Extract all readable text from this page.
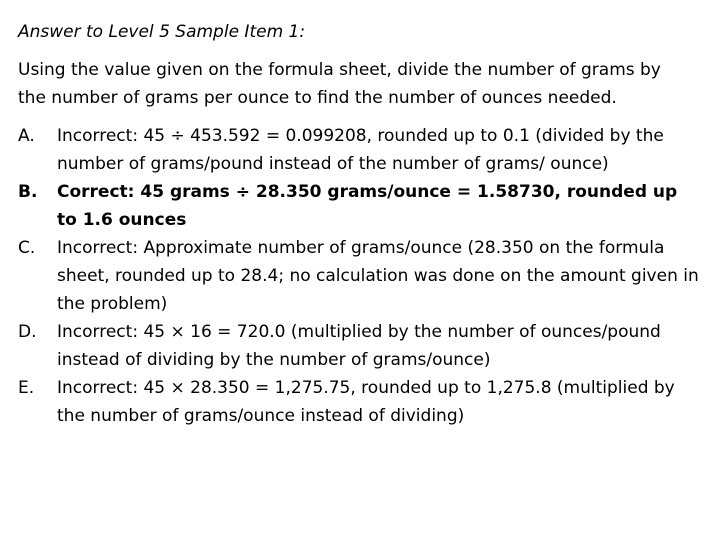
Answer to Level 5 Sample Item 1:

Using the value given on the formula sheet, divide the number of grams by the number of grams per ounce to find the number of ounces needed.

A.	Incorrect: 45 ÷ 453.592 = 0.099208, rounded up to 0.1 (divided by the number of grams/pound instead of the number of grams/ ounce)
B.	Correct: 45 grams ÷ 28.350 grams/ounce = 1.58730, rounded up to 1.6 ounces
C.	Incorrect: Approximate number of grams/ounce (28.350 on the formula sheet, rounded up to 28.4; no calculation was done on the amount given in the problem)
D.	Incorrect: 45 × 16 = 720.0 (multiplied by the number of ounces/pound instead of dividing by the number of grams/ounce)
E.	Incorrect: 45 × 28.350 = 1,275.75, rounded up to 1,275.8 (multiplied by the number of grams/ounce instead of dividing)
